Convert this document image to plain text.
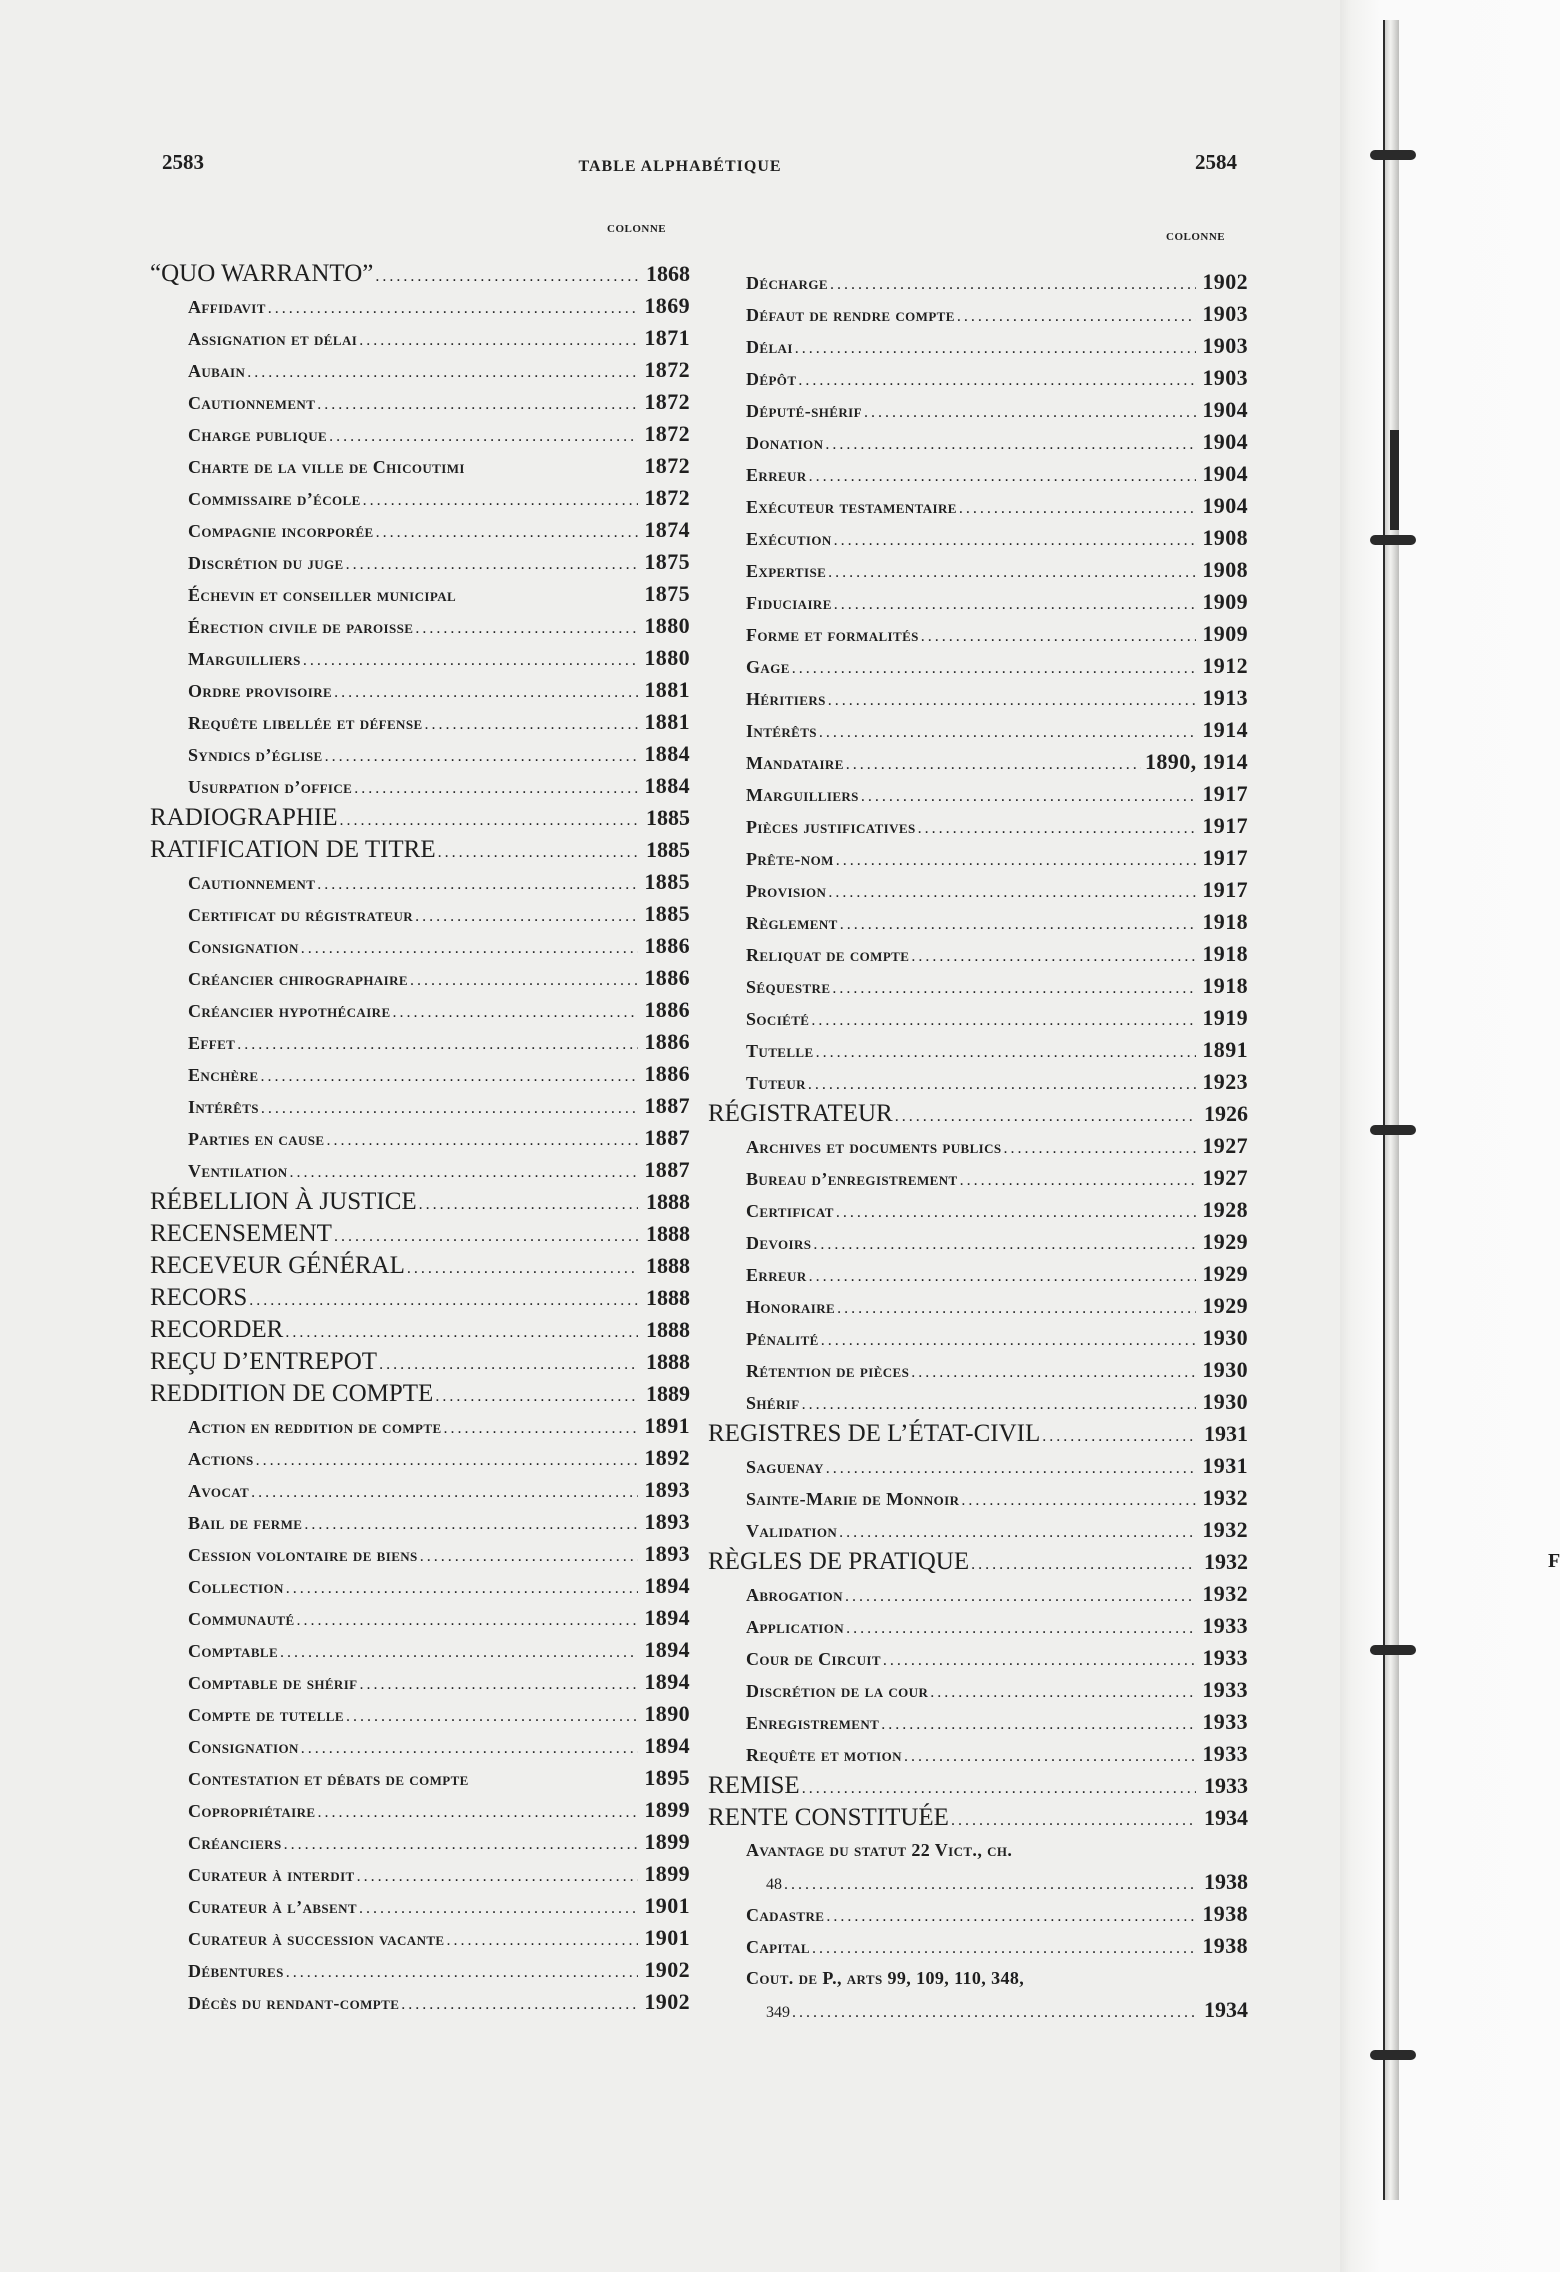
2583	TABLE ALPHABÉTIQUE	2584
COLONNE
COLONNE
“QUO WARRANTO” .....	1868
Affidavit .....	1869
Assignation et délai .....	1871
Aubain .....	1872
Cautionnement .....	1872
Charge publique .....	1872
Charte de la ville de Chicoutimi	1872
Commissaire d’école .....	1872
Compagnie incorporée .....	1874
Discrétion du juge .....	1875
Échevin et conseiller municipal	1875
Érection civile de paroisse .....	1880
Marguilliers .....	1880
Ordre provisoire .....	1881
Requête libellée et défense .....	1881
Syndics d’église .....	1884
Usurpation d’office .....	1884
RADIOGRAPHIE .....	1885
RATIFICATION DE TITRE .....	1885
Cautionnement .....	1885
Certificat du régistrateur .....	1885
Consignation .....	1886
Créancier chirographaire .....	1886
Créancier hypothécaire .....	1886
Effet .....	1886
Enchère .....	1886
Intérêts .....	1887
Parties en cause .....	1887
Ventilation .....	1887
RÉBELLION À JUSTICE .....	1888
RECENSEMENT .....	1888
RECEVEUR GÉNÉRAL .....	1888
RECORS .....	1888
RECORDER .....	1888
REÇU D’ENTREPOT .....	1888
REDDITION DE COMPTE .....	1889
Action en reddition de compte .....	1891
Actions .....	1892
Avocat .....	1893
Bail de ferme .....	1893
Cession volontaire de biens .....	1893
Collection .....	1894
Communauté .....	1894
Comptable .....	1894
Comptable de shérif .....	1894
Compte de tutelle .....	1890
Consignation .....	1894
Contestation et débats de compte	1895
Copropriétaire .....	1899
Créanciers .....	1899
Curateur à interdit .....	1899
Curateur à l’absent .....	1901
Curateur à succession vacante .....	1901
Débentures .....	1902
Décès du rendant-compte .....	1902
Décharge .....	1902
Défaut de rendre compte .....	1903
Délai .....	1903
Dépôt .....	1903
Député-shérif .....	1904
Donation .....	1904
Erreur .....	1904
Exécuteur testamentaire .....	1904
Exécution .....	1908
Expertise .....	1908
Fiduciaire .....	1909
Forme et formalités .....	1909
Gage .....	1912
Héritiers .....	1913
Intérêts .....	1914
Mandataire .....	1890, 1914
Marguilliers .....	1917
Pièces justificatives .....	1917
Prête-nom .....	1917
Provision .....	1917
Règlement .....	1918
Reliquat de compte .....	1918
Séquestre .....	1918
Société .....	1919
Tutelle .....	1891
Tuteur .....	1923
RÉGISTRATEUR .....	1926
Archives et documents publics .....	1927
Bureau d’enregistrement .....	1927
Certificat .....	1928
Devoirs .....	1929
Erreur .....	1929
Honoraire .....	1929
Pénalité .....	1930
Rétention de pièces .....	1930
Shérif .....	1930
REGISTRES DE L’ÉTAT-CIVIL .....	1931
Saguenay .....	1931
Sainte-Marie de Monnoir .....	1932
Validation .....	1932
RÈGLES DE PRATIQUE .....	1932
Abrogation .....	1932
Application .....	1933
Cour de Circuit .....	1933
Discrétion de la cour .....	1933
Enregistrement .....	1933
Requête et motion .....	1933
REMISE .....	1933
RENTE CONSTITUÉE .....	1934
Avantage du statut 22 Vict., ch.
48 .....	1938
Cadastre .....	1938
Capital .....	1938
Cout. de P., arts 99, 109, 110, 348,
349 .....	1934
F
